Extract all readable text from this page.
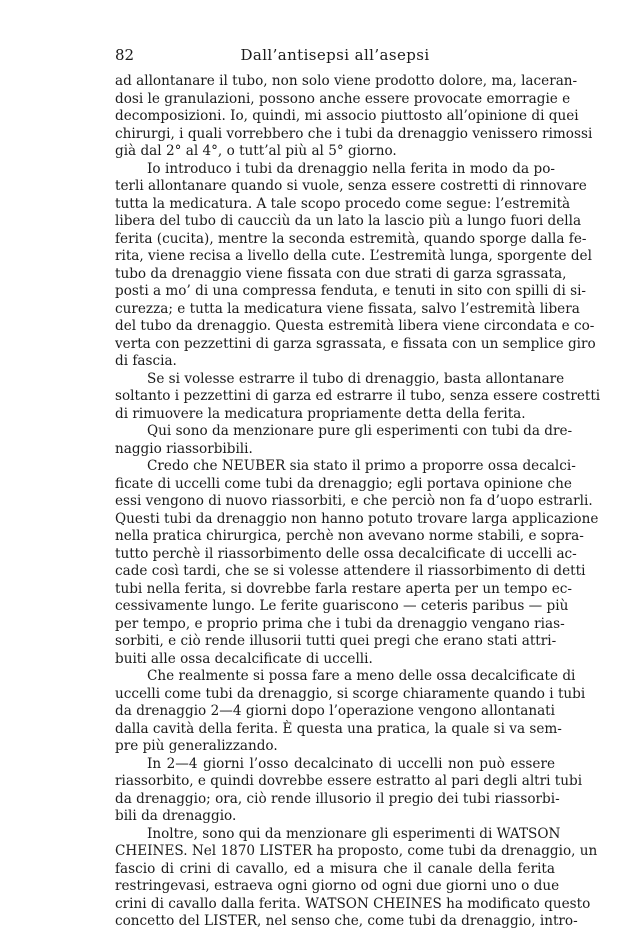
82	Dall’antisepsi all’asepsi
ad allontanare il tubo, non solo viene prodotto dolore, ma, laceran-
dosi le granulazioni, possono anche essere provocate emorragie e
decomposizioni. Io, quindi, mi associo piuttosto all’opinione di quei
chirurgi, i quali vorrebbero che i tubi da drenaggio venissero rimossi
già dal 2° al 4°, o tutt’al più al 5° giorno.
Io introduco i tubi da drenaggio nella ferita in modo da po-
terli allontanare quando si vuole, senza essere costretti di rinnovare
tutta la medicatura. A tale scopo procedo come segue: l’estremità
libera del tubo di caucciù da un lato la lascio più a lungo fuori della
ferita (cucita), mentre la seconda estremità, quando sporge dalla fe-
rita, viene recisa a livello della cute. L’estremità lunga, sporgente del
tubo da drenaggio viene fissata con due strati di garza sgrassata,
posti a mo’ di una compressa fenduta, e tenuti in sito con spilli di si-
curezza; e tutta la medicatura viene fissata, salvo l’estremità libera
del tubo da drenaggio. Questa estremità libera viene circondata e co-
verta con pezzettini di garza sgrassata, e fissata con un semplice giro
di fascia.
Se si volesse estrarre il tubo di drenaggio, basta allontanare
soltanto i pezzettini di garza ed estrarre il tubo, senza essere costretti
di rimuovere la medicatura propriamente detta della ferita.
Qui sono da menzionare pure gli esperimenti con tubi da dre-
naggio riassorbibili.
Credo che NEUBER sia stato il primo a proporre ossa decalci-
ficate di uccelli come tubi da drenaggio; egli portava opinione che
essi vengono di nuovo riassorbiti, e che perciò non fa d’uopo estrarli.
Questi tubi da drenaggio non hanno potuto trovare larga applicazione
nella pratica chirurgica, perchè non avevano norme stabili, e sopra-
tutto perchè il riassorbimento delle ossa decalcificate di uccelli ac-
cade così tardi, che se si volesse attendere il riassorbimento di detti
tubi nella ferita, si dovrebbe farla restare aperta per un tempo ec-
cessivamente lungo. Le ferite guariscono — ceteris paribus — più
per tempo, e proprio prima che i tubi da drenaggio vengano rias-
sorbiti, e ciò rende illusorii tutti quei pregi che erano stati attri-
buiti alle ossa decalcificate di uccelli.
Che realmente si possa fare a meno delle ossa decalcificate di
uccelli come tubi da drenaggio, si scorge chiaramente quando i tubi
da drenaggio 2—4 giorni dopo l’operazione vengono allontanati
dalla cavità della ferita. È questa una pratica, la quale si va sem-
pre più generalizzando.
In 2—4 giorni l’osso decalcinato di uccelli non può essere
riassorbito, e quindi dovrebbe essere estratto al pari degli altri tubi
da drenaggio; ora, ciò rende illusorio il pregio dei tubi riassorbi-
bili da drenaggio.
Inoltre, sono qui da menzionare gli esperimenti di WATSON
CHEINES. Nel 1870 LISTER ha proposto, come tubi da drenaggio, un
fascio di crini di cavallo, ed a misura che il canale della ferita
restringevasi, estraeva ogni giorno od ogni due giorni uno o due
crini di cavallo dalla ferita. WATSON CHEINES ha modificato questo
concetto del LISTER, nel senso che, come tubi da drenaggio, intro-
